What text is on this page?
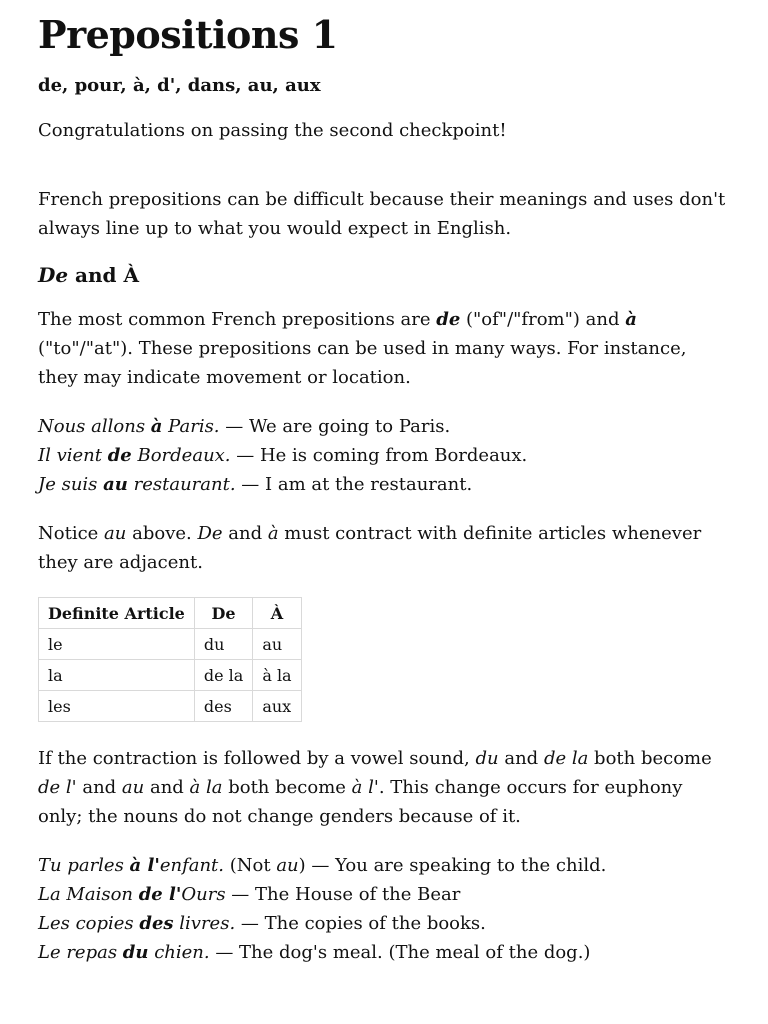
Prepositions 1
de, pour, à, d', dans, au, aux

Congratulations on passing the second checkpoint!

French prepositions can be difficult because their meanings and uses don't always line up to what you would expect in English.

De and À

The most common French prepositions are de ("of"/"from") and à ("to"/"at"). These prepositions can be used in many ways. For instance, they may indicate movement or location.

Nous allons à Paris. — We are going to Paris.
Il vient de Bordeaux. — He is coming from Bordeaux.
Je suis au restaurant. — I am at the restaurant.

Notice au above. De and à must contract with definite articles whenever they are adjacent.

Definite Article	De	À
le	du	au
la	de la	à la
les	des	aux

If the contraction is followed by a vowel sound, du and de la both become de l' and au and à la both become à l'. This change occurs for euphony only; the nouns do not change genders because of it.

Tu parles à l'enfant. (Not au) — You are speaking to the child.
La Maison de l'Ours — The House of the Bear
Les copies des livres. — The copies of the books.
Le repas du chien. — The dog's meal. (The meal of the dog.)
